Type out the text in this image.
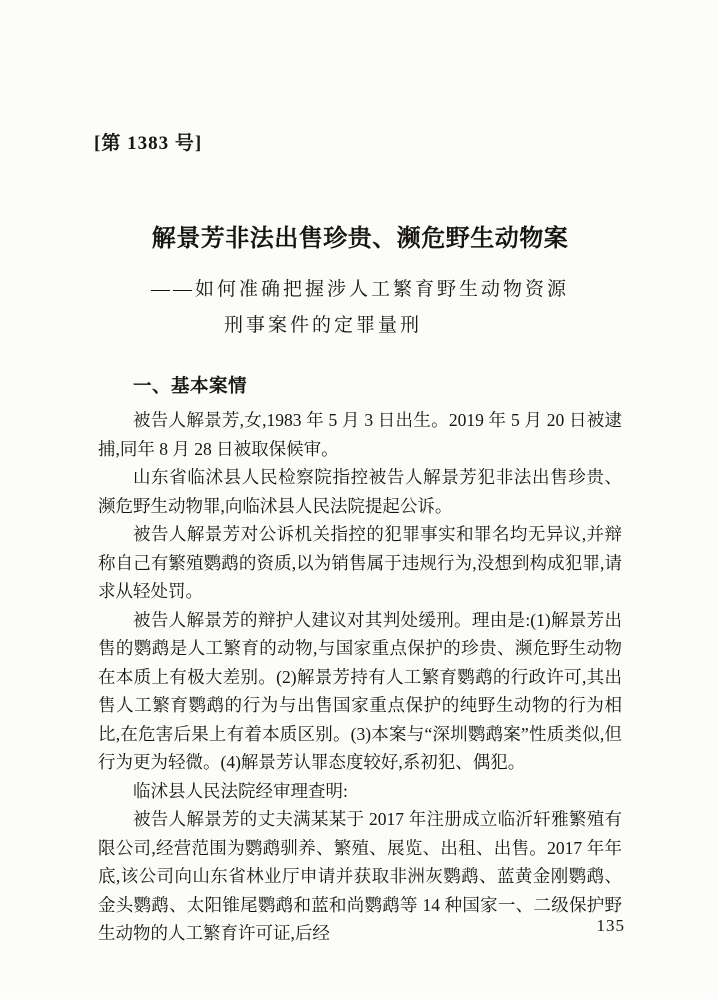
[第 1383 号]
解景芳非法出售珍贵、濒危野生动物案
——如何准确把握涉人工繁育野生动物资源
刑事案件的定罪量刑
一、基本案情

被告人解景芳,女,1983 年 5 月 3 日出生。2019 年 5 月 20 日被逮捕,同年 8 月 28 日被取保候审。

山东省临沭县人民检察院指控被告人解景芳犯非法出售珍贵、濒危野生动物罪,向临沭县人民法院提起公诉。

被告人解景芳对公诉机关指控的犯罪事实和罪名均无异议,并辩称自己有繁殖鹦鹉的资质,以为销售属于违规行为,没想到构成犯罪,请求从轻处罚。

被告人解景芳的辩护人建议对其判处缓刑。理由是:(1)解景芳出售的鹦鹉是人工繁育的动物,与国家重点保护的珍贵、濒危野生动物在本质上有极大差别。(2)解景芳持有人工繁育鹦鹉的行政许可,其出售人工繁育鹦鹉的行为与出售国家重点保护的纯野生动物的行为相比,在危害后果上有着本质区别。(3)本案与“深圳鹦鹉案”性质类似,但行为更为轻微。(4)解景芳认罪态度较好,系初犯、偶犯。

临沭县人民法院经审理查明:

被告人解景芳的丈夫满某某于 2017 年注册成立临沂轩雅繁殖有限公司,经营范围为鹦鹉驯养、繁殖、展览、出租、出售。2017 年年底,该公司向山东省林业厅申请并获取非洲灰鹦鹉、蓝黄金刚鹦鹉、金头鹦鹉、太阳锥尾鹦鹉和蓝和尚鹦鹉等 14 种国家一、二级保护野生动物的人工繁育许可证,后经	135
